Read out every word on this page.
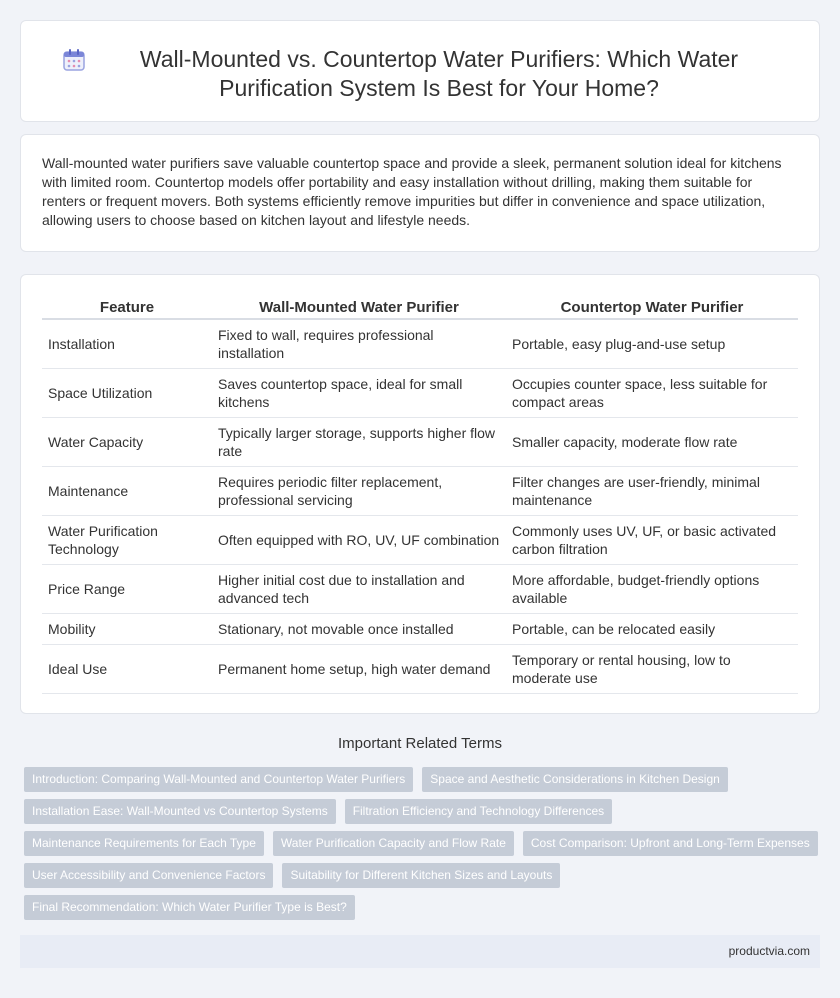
Wall-Mounted vs. Countertop Water Purifiers: Which Water Purification System Is Best for Your Home?

Wall-mounted water purifiers save valuable countertop space and provide a sleek, permanent solution ideal for kitchens with limited room. Countertop models offer portability and easy installation without drilling, making them suitable for renters or frequent movers. Both systems efficiently remove impurities but differ in convenience and space utilization, allowing users to choose based on kitchen layout and lifestyle needs.

Feature	Wall-Mounted Water Purifier	Countertop Water Purifier
Installation	Fixed to wall, requires professional installation	Portable, easy plug-and-use setup
Space Utilization	Saves countertop space, ideal for small kitchens	Occupies counter space, less suitable for compact areas
Water Capacity	Typically larger storage, supports higher flow rate	Smaller capacity, moderate flow rate
Maintenance	Requires periodic filter replacement, professional servicing	Filter changes are user-friendly, minimal maintenance
Water Purification Technology	Often equipped with RO, UV, UF combination	Commonly uses UV, UF, or basic activated carbon filtration
Price Range	Higher initial cost due to installation and advanced tech	More affordable, budget-friendly options available
Mobility	Stationary, not movable once installed	Portable, can be relocated easily
Ideal Use	Permanent home setup, high water demand	Temporary or rental housing, low to moderate use
Important Related Terms
Introduction: Comparing Wall-Mounted and Countertop Water Purifiers	Space and Aesthetic Considerations in Kitchen Design
Installation Ease: Wall-Mounted vs Countertop Systems	Filtration Efficiency and Technology Differences
Maintenance Requirements for Each Type	Water Purification Capacity and Flow Rate	Cost Comparison: Upfront and Long-Term Expenses
User Accessibility and Convenience Factors	Suitability for Different Kitchen Sizes and Layouts
Final Recommendation: Which Water Purifier Type is Best?
productvia.com
